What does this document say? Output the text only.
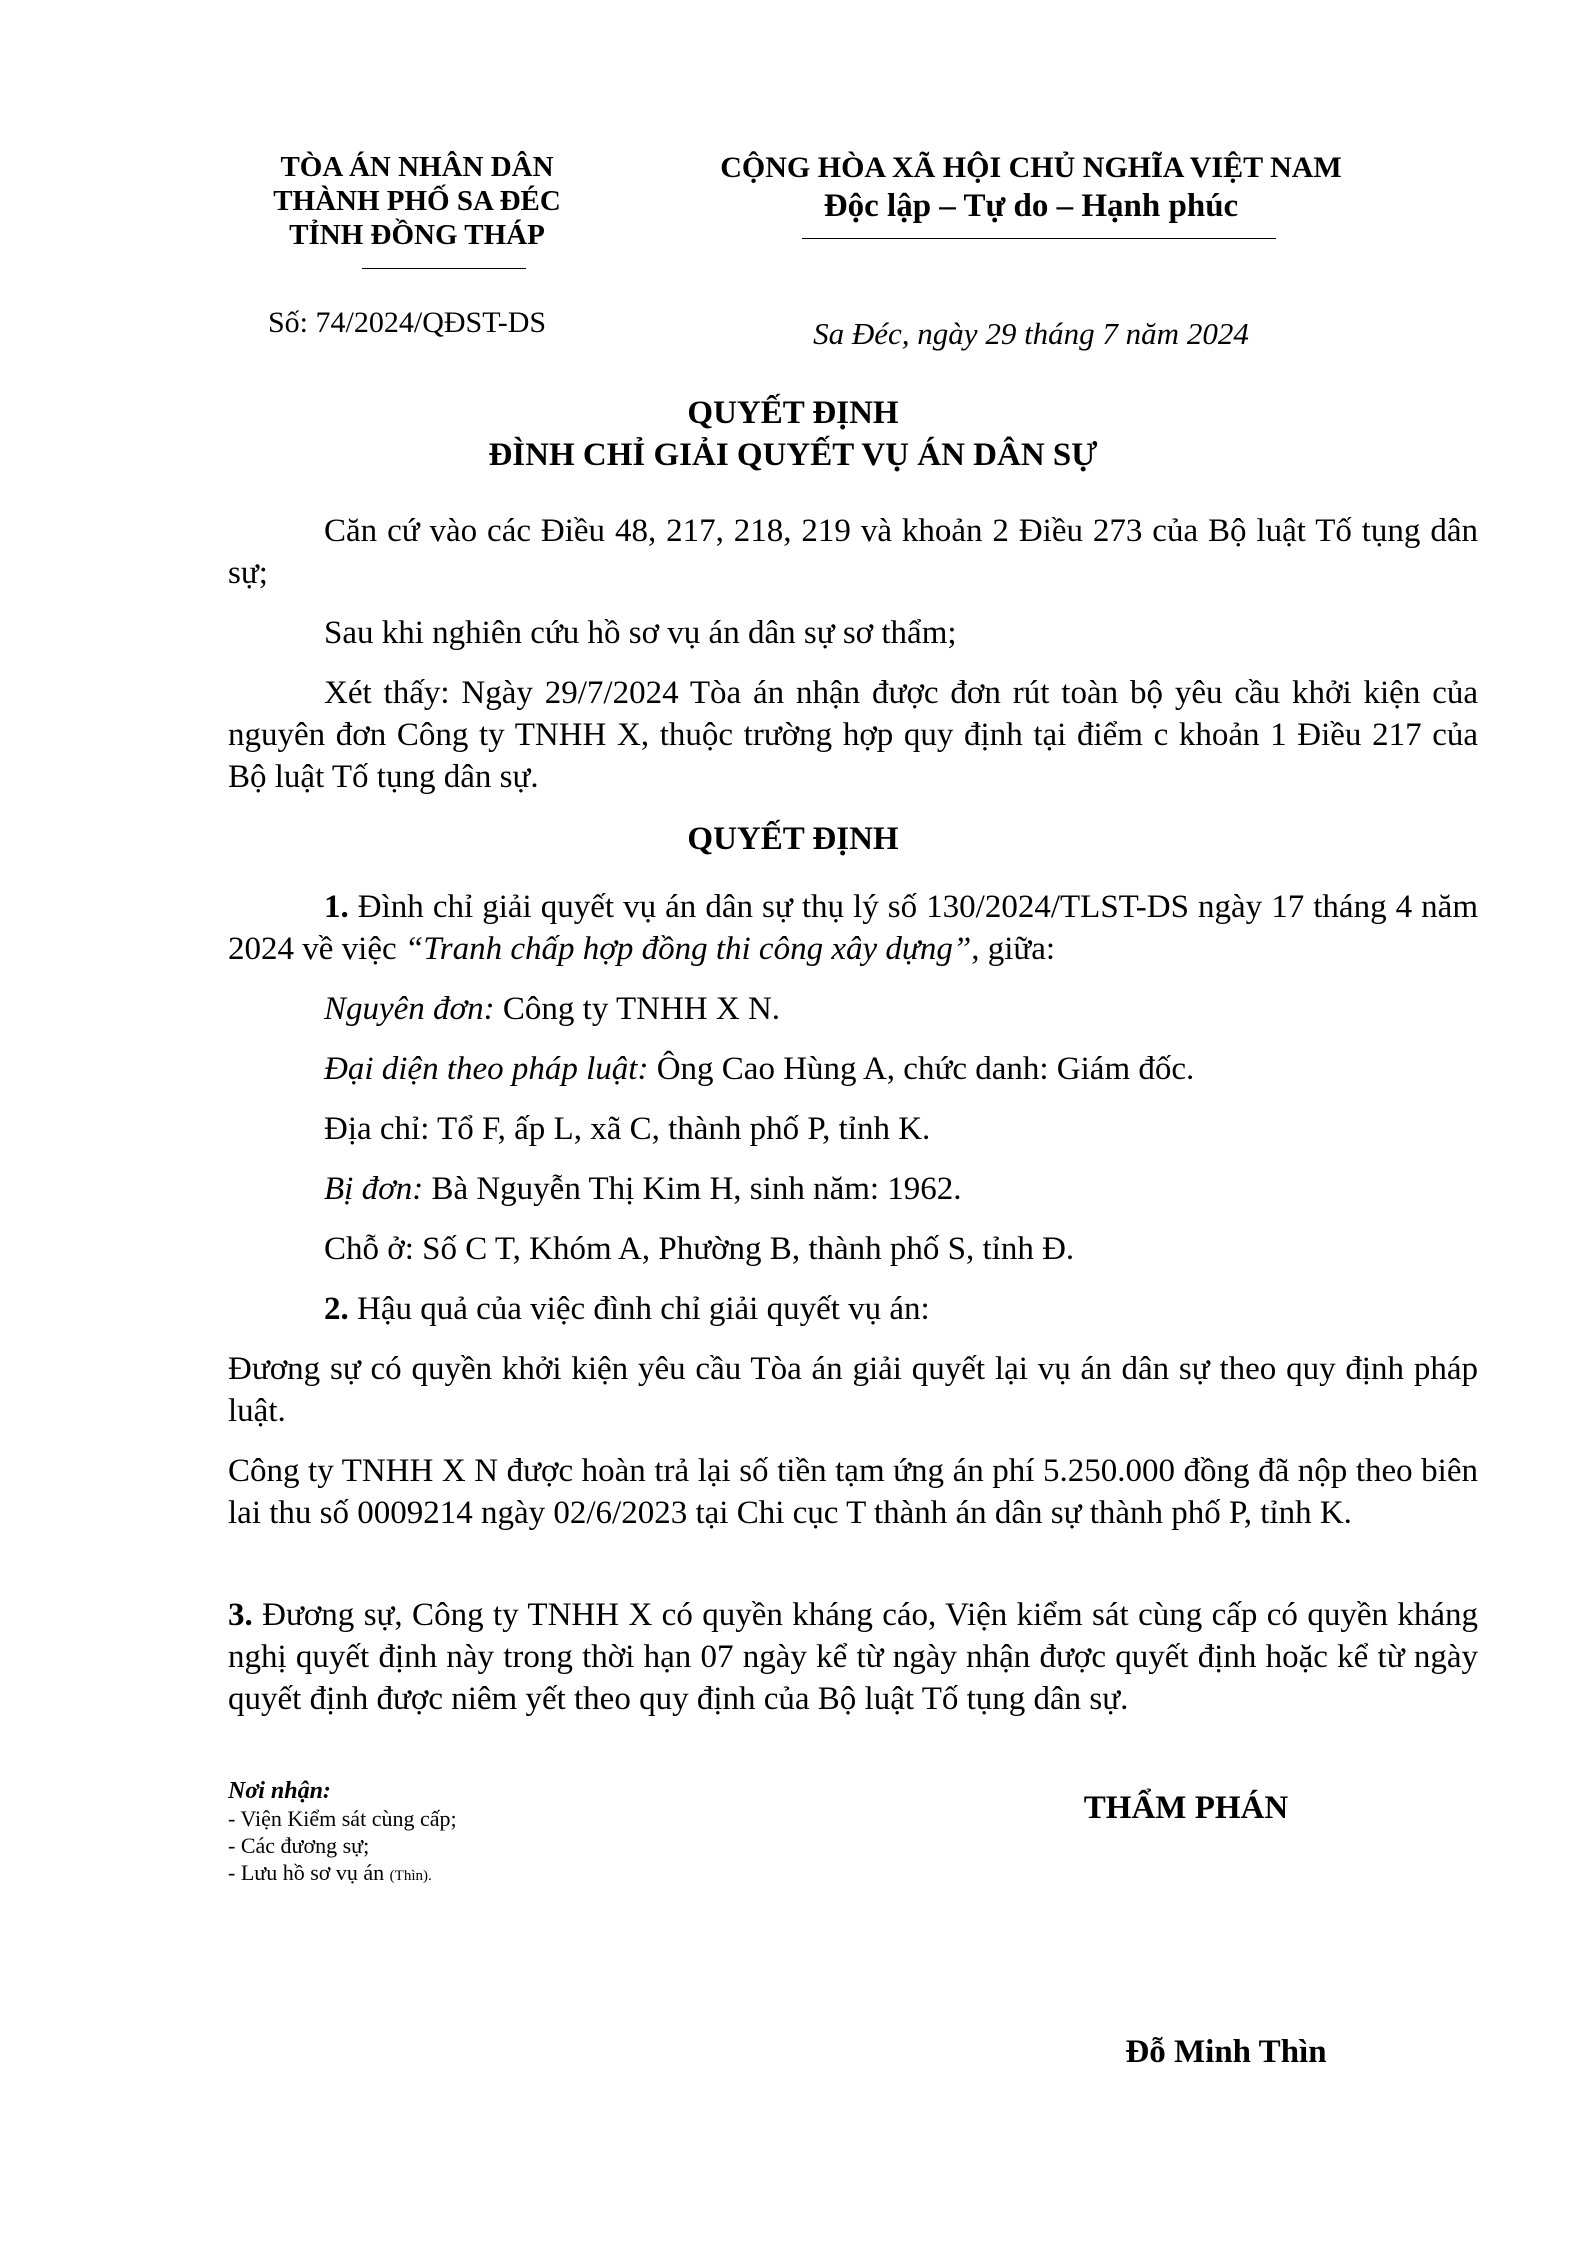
TÒA ÁN NHÂN DÂN
THÀNH PHỐ SA ĐÉC
TỈNH ĐỒNG THÁP
Số: 74/2024/QĐST-DS
CỘNG HÒA XÃ HỘI CHỦ NGHĨA VIỆT NAM
Độc lập – Tự do – Hạnh phúc
Sa Đéc, ngày 29 tháng 7 năm 2024
QUYẾT ĐỊNH
ĐÌNH CHỈ GIẢI QUYẾT VỤ ÁN DÂN SỰ
Căn cứ vào các Điều 48, 217, 218, 219 và khoản 2 Điều 273 của Bộ luật Tố tụng dân sự;
Sau khi nghiên cứu hồ sơ vụ án dân sự sơ thẩm;
Xét thấy: Ngày 29/7/2024 Tòa án nhận được đơn rút toàn bộ yêu cầu khởi kiện của nguyên đơn Công ty TNHH X, thuộc trường hợp quy định tại điểm c khoản 1 Điều 217 của Bộ luật Tố tụng dân sự.
QUYẾT ĐỊNH
1. Đình chỉ giải quyết vụ án dân sự thụ lý số 130/2024/TLST-DS ngày 17 tháng 4 năm 2024 về việc “Tranh chấp hợp đồng thi công xây dựng”, giữa:
Nguyên đơn: Công ty TNHH X N.
Đại diện theo pháp luật: Ông Cao Hùng A, chức danh: Giám đốc.
Địa chỉ: Tổ F, ấp L, xã C, thành phố P, tỉnh K.
Bị đơn: Bà Nguyễn Thị Kim H, sinh năm: 1962.
Chỗ ở: Số C T, Khóm A, Phường B, thành phố S, tỉnh Đ.
2. Hậu quả của việc đình chỉ giải quyết vụ án:
Đương sự có quyền khởi kiện yêu cầu Tòa án giải quyết lại vụ án dân sự theo quy định pháp luật.
Công ty TNHH X N được hoàn trả lại số tiền tạm ứng án phí 5.250.000 đồng đã nộp theo biên lai thu số 0009214 ngày 02/6/2023 tại Chi cục T thành án dân sự thành phố P, tỉnh K.
3. Đương sự, Công ty TNHH X có quyền kháng cáo, Viện kiểm sát cùng cấp có quyền kháng nghị quyết định này trong thời hạn 07 ngày kể từ ngày nhận được quyết định hoặc kể từ ngày quyết định được niêm yết theo quy định của Bộ luật Tố tụng dân sự.
Nơi nhận:
- Viện Kiểm sát cùng cấp;
- Các đương sự;
- Lưu hồ sơ vụ án (Thìn).
THẨM PHÁN
Đỗ Minh Thìn
